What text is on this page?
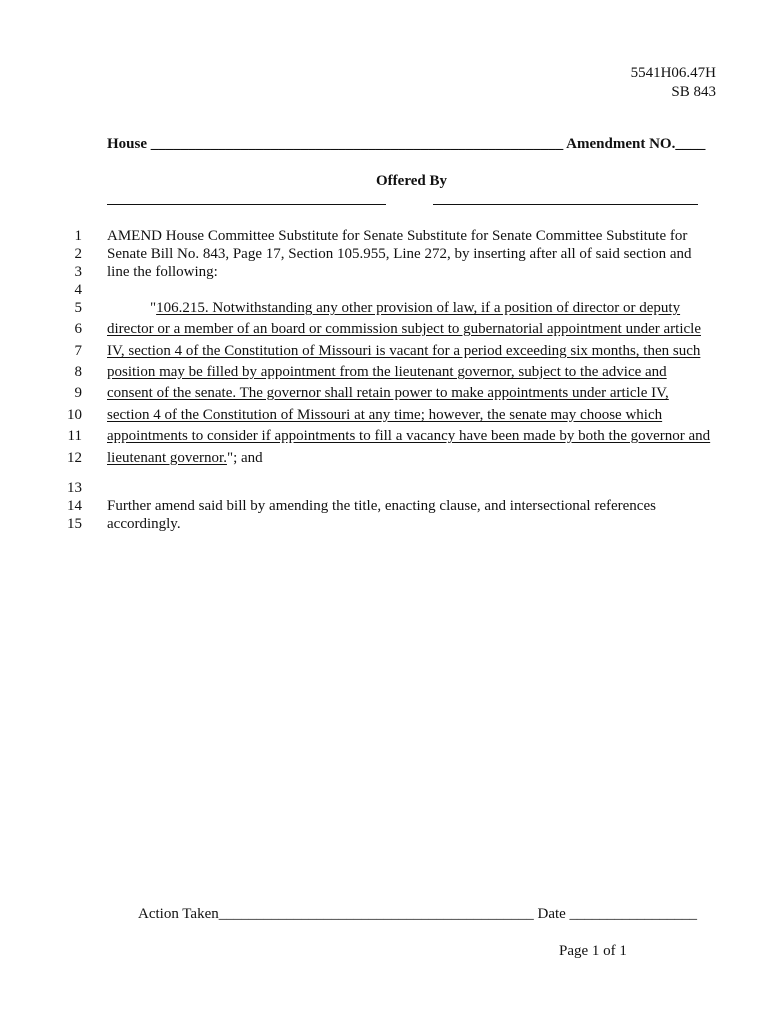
5541H06.47H
SB 843
House _______________________________________________________ Amendment NO.____
Offered By
1 AMEND House Committee Substitute for Senate Substitute for Senate Committee Substitute for
2 Senate Bill No. 843, Page 17, Section 105.955, Line 272, by inserting after all of said section and
3 line the following:
4
5	"106.215. Notwithstanding any other provision of law, if a position of director or deputy
6 director or a member of an board or commission subject to gubernatorial appointment under article
7 IV, section 4 of the Constitution of Missouri is vacant for a period exceeding six months, then such
8 position may be filled by appointment from the lieutenant governor, subject to the advice and
9 consent of the senate. The governor shall retain power to make appointments under article IV,
10 section 4 of the Constitution of Missouri at any time; however, the senate may choose which
11 appointments to consider if appointments to fill a vacancy have been made by both the governor and
12 lieutenant governor."; and
13
14 Further amend said bill by amending the title, enacting clause, and intersectional references
15 accordingly.
Action Taken__________________________________________ Date _________________
Page 1 of 1
